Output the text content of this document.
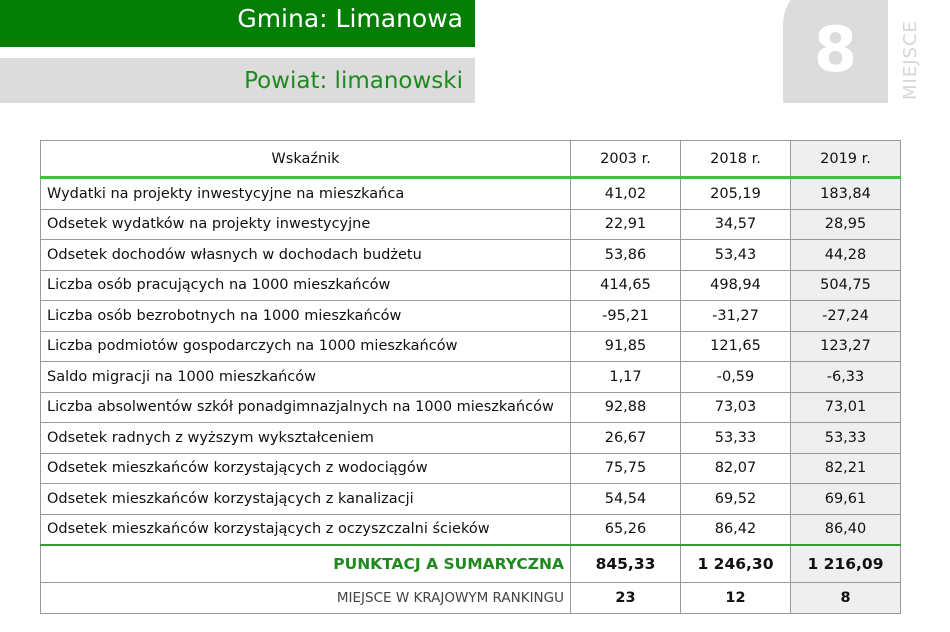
Gmina: Limanowa
Powiat: limanowski	8	MIEJSCE
Wskaźnik	2003 r.	2018 r.	2019 r.
Wydatki na projekty inwestycyjne na mieszkańca	41,02	205,19	183,84
Odsetek wydatków na projekty inwestycyjne	22,91	34,57	28,95
Odsetek dochodów własnych w dochodach budżetu	53,86	53,43	44,28
Liczba osób pracujących na 1000 mieszkańców	414,65	498,94	504,75
Liczba osób bezrobotnych na 1000 mieszkańców	-95,21	-31,27	-27,24
Liczba podmiotów gospodarczych na 1000 mieszkańców	91,85	121,65	123,27
Saldo migracji na 1000 mieszkańców	1,17	-0,59	-6,33
Liczba absolwentów szkół ponadgimnazjalnych na 1000 mieszkańców	92,88	73,03	73,01
Odsetek radnych z wyższym wykształceniem	26,67	53,33	53,33
Odsetek mieszkańców korzystających z wodociągów	75,75	82,07	82,21
Odsetek mieszkańców korzystających z kanalizacji	54,54	69,52	69,61
Odsetek mieszkańców korzystających z oczyszczalni ścieków	65,26	86,42	86,40
PUNKTACJ A SUMARYCZNA	845,33	1 246,30	1 216,09
MIEJSCE W KRAJOWYM RANKINGU	23	12	8
